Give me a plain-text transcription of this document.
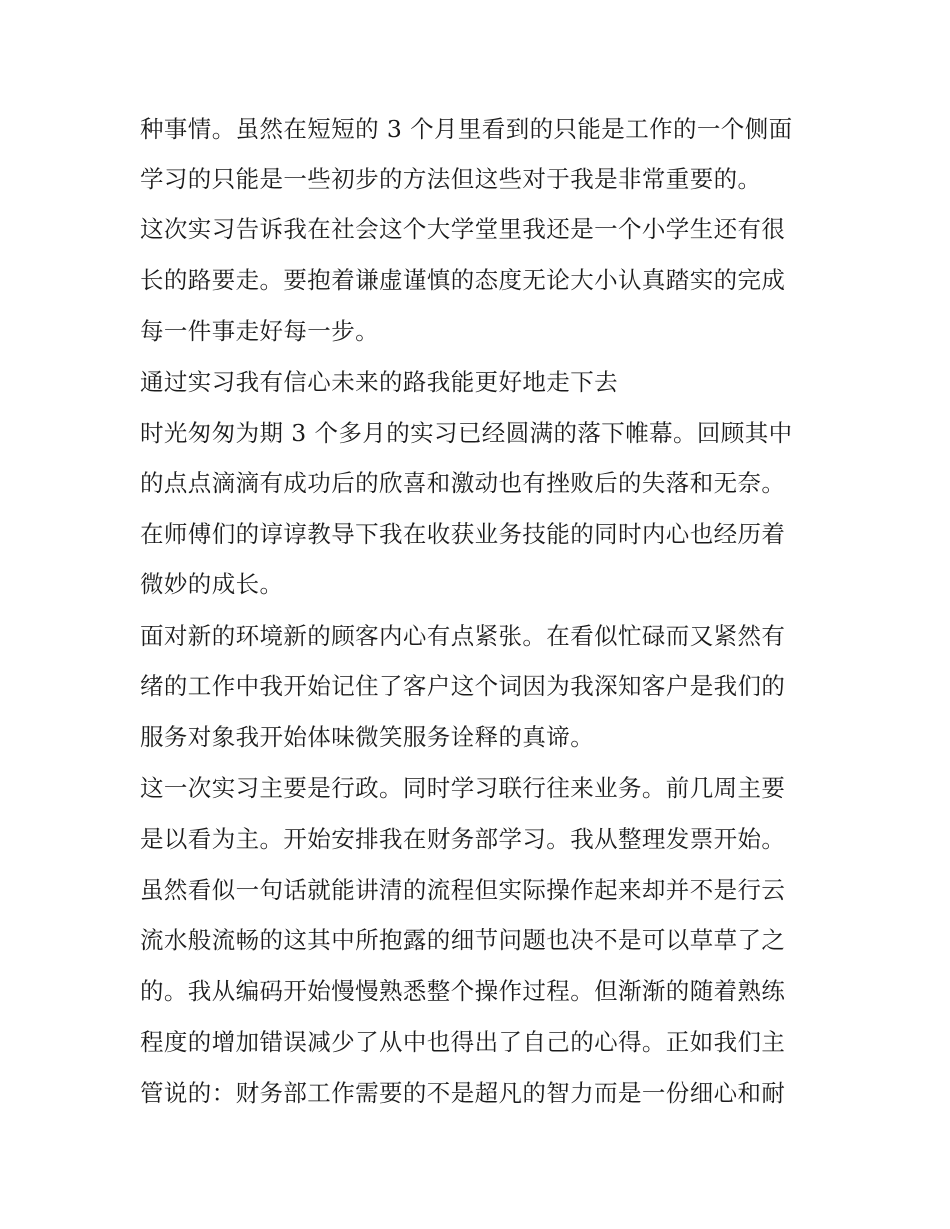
种事情。虽然在短短的 3 个月里看到的只能是工作的一个侧面
学习的只能是一些初步的方法但这些对于我是非常重要的。
这次实习告诉我在社会这个大学堂里我还是一个小学生还有很
长的路要走。要抱着谦虚谨慎的态度无论大小认真踏实的完成
每一件事走好每一步。
通过实习我有信心未来的路我能更好地走下去
时光匆匆为期 3 个多月的实习已经圆满的落下帷幕。回顾其中
的点点滴滴有成功后的欣喜和激动也有挫败后的失落和无奈。
在师傅们的谆谆教导下我在收获业务技能的同时内心也经历着
微妙的成长。
面对新的环境新的顾客内心有点紧张。在看似忙碌而又紧然有
绪的工作中我开始记住了客户这个词因为我深知客户是我们的
服务对象我开始体味微笑服务诠释的真谛。
这一次实习主要是行政。同时学习联行往来业务。前几周主要
是以看为主。开始安排我在财务部学习。我从整理发票开始。
虽然看似一句话就能讲清的流程但实际操作起来却并不是行云
流水般流畅的这其中所抱露的细节问题也决不是可以草草了之
的。我从编码开始慢慢熟悉整个操作过程。但渐渐的随着熟练
程度的增加错误减少了从中也得出了自己的心得。正如我们主
管说的：财务部工作需要的不是超凡的智力而是一份细心和耐
